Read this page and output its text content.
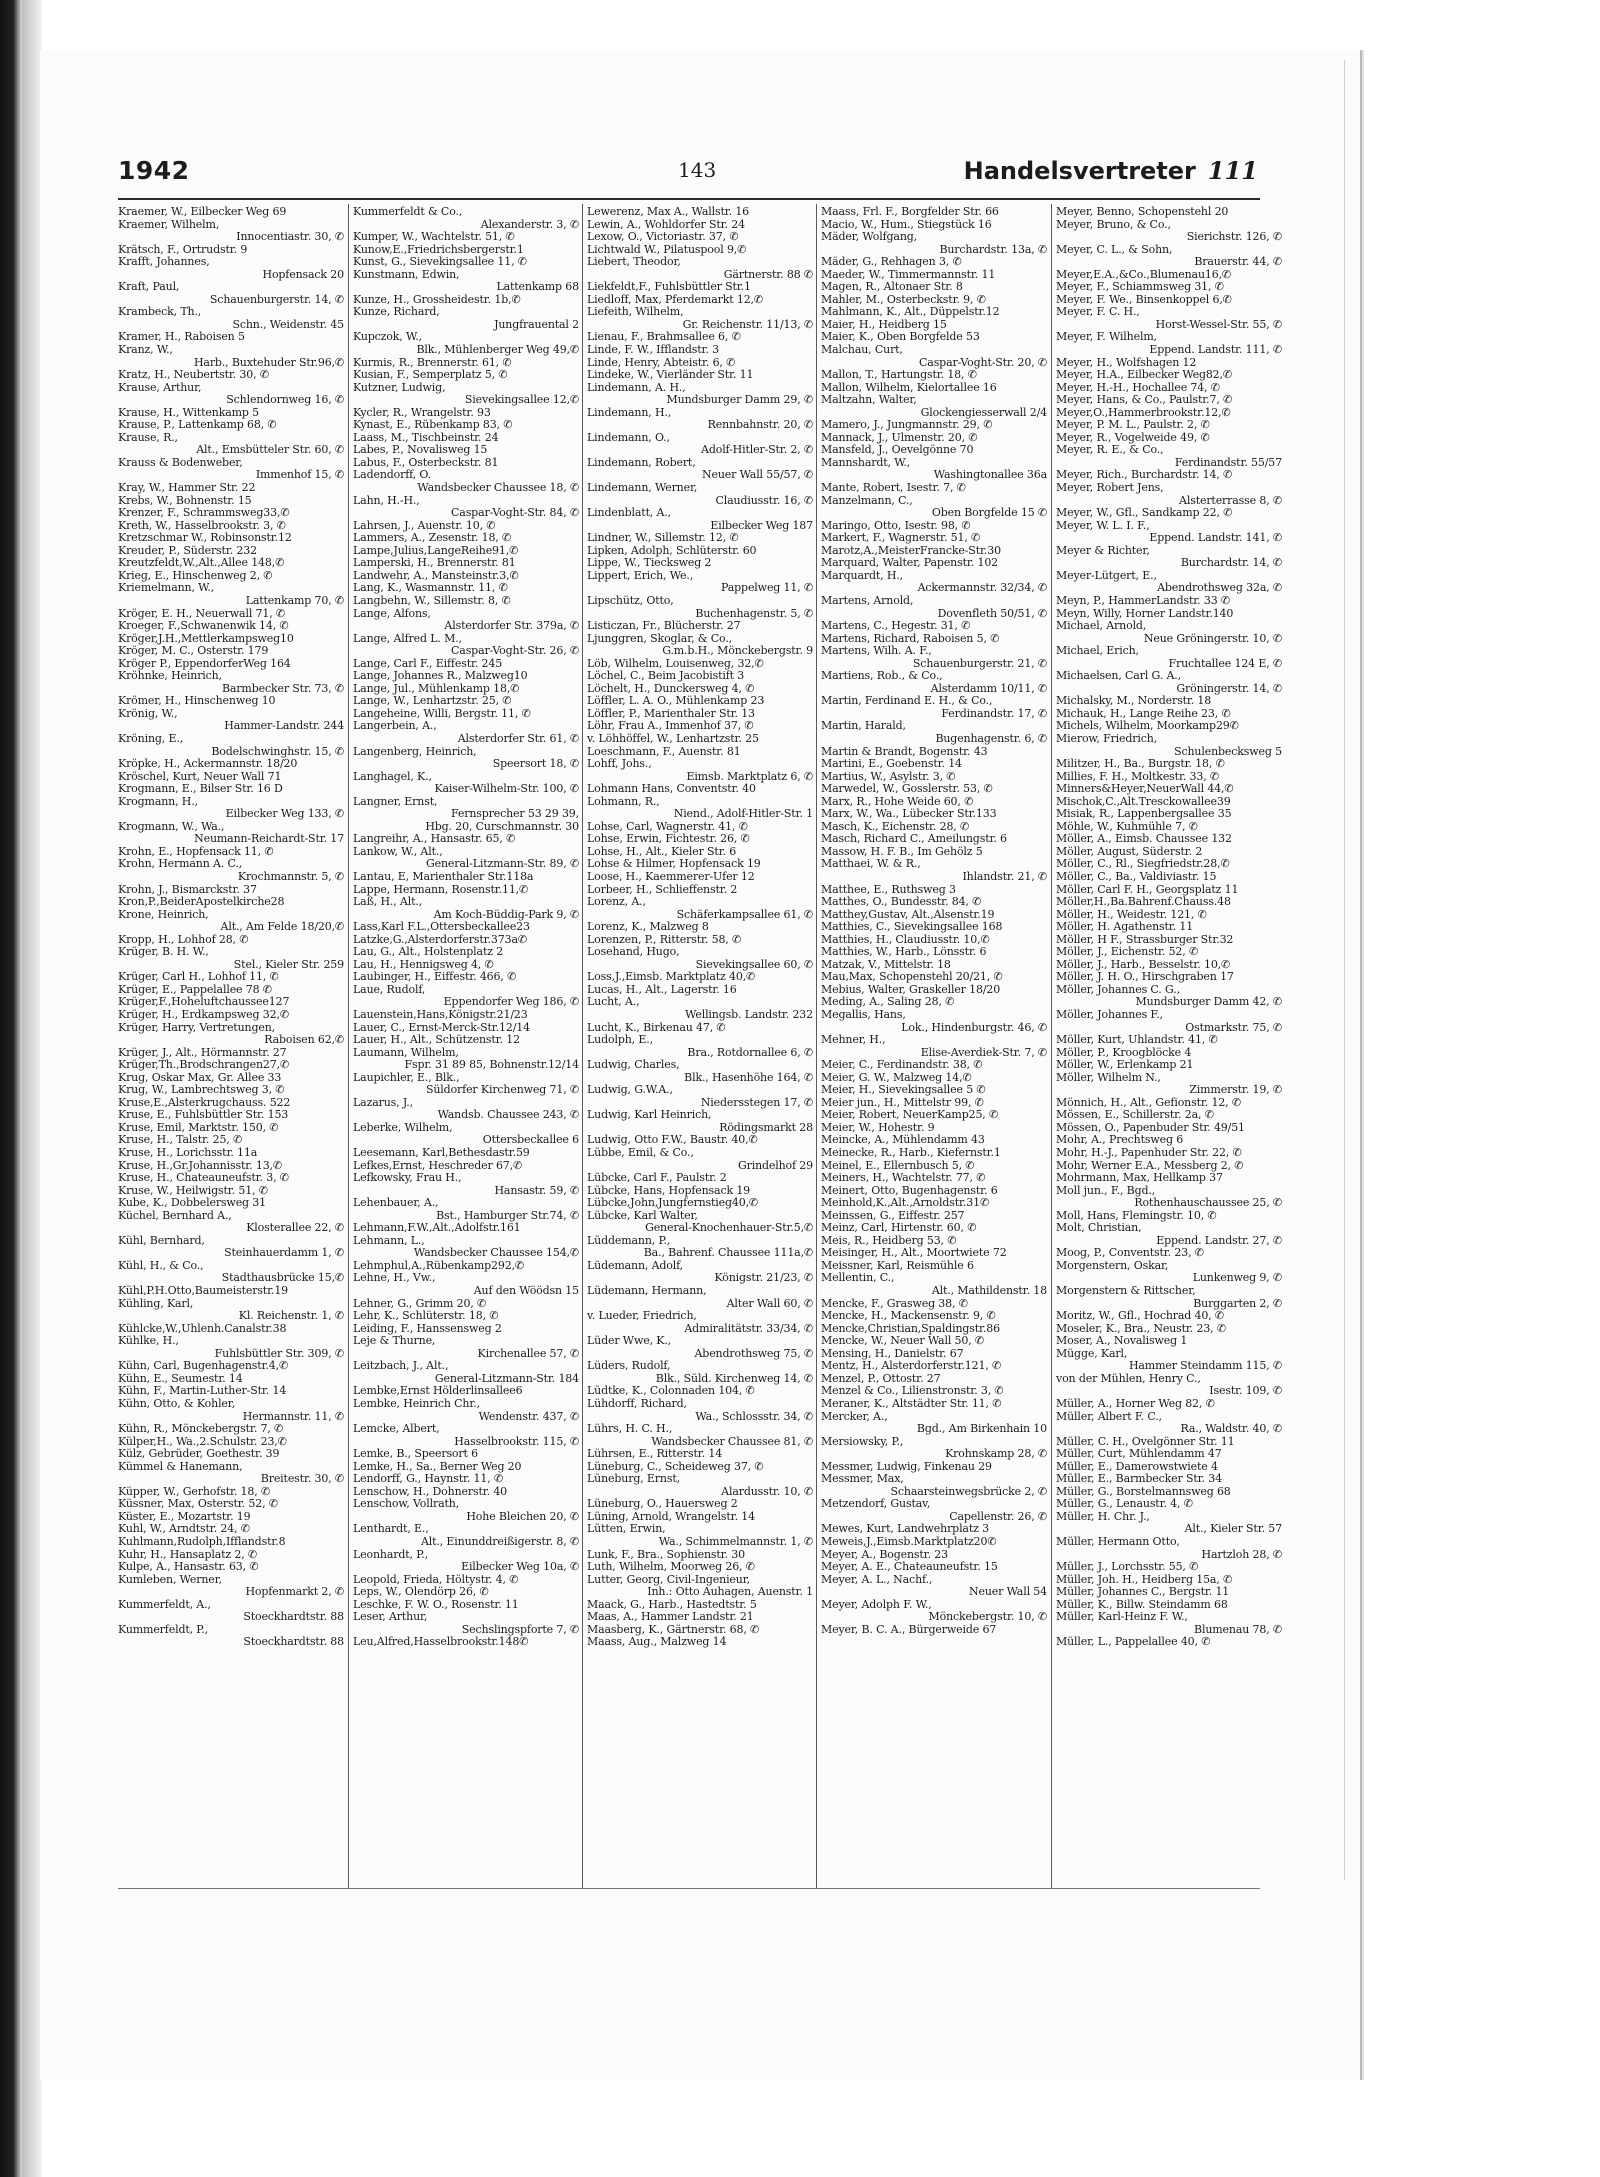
1942	143	Handelsvertreter 111
Kraemer, W., Eilbecker Weg 69
Kraemer, Wilhelm,
Innocentiastr. 30, ✆
Krätsch, F., Ortrudstr. 9
Krafft, Johannes,
Hopfensack 20
Kraft, Paul,
Schauenburgerstr. 14, ✆
Krambeck, Th.,
Schn., Weidenstr. 45
Kramer, H., Raboisen 5
Kranz, W.,
Harb., Buxtehuder Str.96,✆
Kratz, H., Neubertstr. 30, ✆
Krause, Arthur,
Schlendornweg 16, ✆
Krause, H., Wittenkamp 5
Krause, P., Lattenkamp 68, ✆
Krause, R.,
Alt., Emsbütteler Str. 60, ✆
Krauss & Bodenweber,
Immenhof 15, ✆
Kray, W., Hammer Str. 22
Krebs, W., Bohnenstr. 15
Krenzer, F., Schrammsweg33,✆
Kreth, W., Hasselbrookstr. 3, ✆
Kretzschmar W., Robinsonstr.12
Kreuder, P., Süderstr. 232
Kreutzfeldt,W.,Alt.,Allee 148,✆
Krieg, E., Hinschenweg 2, ✆
Kriemelmann, W.,
Lattenkamp 70, ✆
Kröger, E. H., Neuerwall 71, ✆
Kroeger, F.,Schwanenwik 14, ✆
Kröger,J.H.,Mettlerkampsweg10
Kröger, M. C., Osterstr. 179
Kröger P., EppendorferWeg 164
Kröhnke, Heinrich,
Barmbecker Str. 73, ✆
Krömer, H., Hinschenweg 10
Krönig, W.,
Hammer-Landstr. 244
Kröning, E.,
Bodelschwinghstr. 15, ✆
Kröpke, H., Ackermannstr. 18/20
Kröschel, Kurt, Neuer Wall 71
Krogmann, E., Bilser Str. 16 D
Krogmann, H.,
Eilbecker Weg 133, ✆
Krogmann, W., Wa.,
Neumann-Reichardt-Str. 17
Krohn, E., Hopfensack 11, ✆
Krohn, Hermann A. C.,
Krochmannstr. 5, ✆
Krohn, J., Bismarckstr. 37
Kron,P.,BeiderApostelkirche28
Krone, Heinrich,
Alt., Am Felde 18/20,✆
Kropp, H., Lohhof 28, ✆
Krüger, B. H. W.,
Stel., Kieler Str. 259
Krüger, Carl H., Lohhof 11, ✆
Krüger, E., Pappelallee 78 ✆
Krüger,F.,Hoheluftchaussee127
Krüger, H., Erdkampsweg 32,✆
Krüger, Harry, Vertretungen,
Raboisen 62,✆
Krüger, J., Alt., Hörmannstr. 27
Krüger,Th.,Brodschrangen27,✆
Krug, Oskar Max, Gr. Allee 33
Krug, W., Lambrechtsweg 3, ✆
Kruse,E.,Alsterkrugchauss. 522
Kruse, E., Fuhlsbüttler Str. 153
Kruse, Emil, Marktstr. 150, ✆
Kruse, H., Talstr. 25, ✆
Kruse, H., Lorichsstr. 11a
Kruse, H.,Gr.Johannisstr. 13,✆
Kruse, H., Chateauneufstr. 3, ✆
Kruse, W., Heilwigstr. 51, ✆
Kube, K., Dobbelersweg 31
Küchel, Bernhard A.,
Klosterallee 22, ✆
Kühl, Bernhard,
Steinhauerdamm 1, ✆
Kühl, H., & Co.,
Stadthausbrücke 15,✆
Kühl,P.H.Otto,Baumeisterstr.19
Kühling, Karl,
Kl. Reichenstr. 1, ✆
Kühlcke,W.,Uhlenh.Canalstr.38
Kühlke, H.,
Fuhlsbüttler Str. 309, ✆
Kühn, Carl, Bugenhagenstr.4,✆
Kühn, E., Seumestr. 14
Kühn, F., Martin-Luther-Str. 14
Kühn, Otto, & Kohler,
Hermannstr. 11, ✆
Kühn, R., Mönckebergstr. 7, ✆
Külper,H., Wa.,2.Schulstr. 23,✆
Külz, Gebrüder, Goethestr. 39
Kümmel & Hanemann,
Breitestr. 30, ✆
Küpper, W., Gerhofstr. 18, ✆
Küssner, Max, Osterstr. 52, ✆
Küster, E., Mozartstr. 19
Kuhl, W., Arndtstr. 24, ✆
Kuhlmann,Rudolph,Ifflandstr.8
Kuhr, H., Hansaplatz 2, ✆
Kulpe, A., Hansastr. 63, ✆
Kumleben, Werner,
Hopfenmarkt 2, ✆
Kummerfeldt, A.,
Stoeckhardtstr. 88
Kummerfeldt, P.,
Stoeckhardtstr. 88
Kummerfeldt & Co.,
Alexanderstr. 3, ✆
Kumper, W., Wachtelstr. 51, ✆
Kunow,E.,Friedrichsbergerstr.1
Kunst, G., Sievekingsallee 11, ✆
Kunstmann, Edwin,
Lattenkamp 68
Kunze, H., Grossheidestr. 1b,✆
Kunze, Richard,
Jungfrauental 2
Kupczok, W.,
Blk., Mühlenberger Weg 49,✆
Kurmis, R., Brennerstr. 61, ✆
Kusian, F., Semperplatz 5, ✆
Kutzner, Ludwig,
Sievekingsallee 12,✆
Kycler, R., Wrangelstr. 93
Kynast, E., Rübenkamp 83, ✆
Laass, M., Tischbeinstr. 24
Labes, P., Novalisweg 15
Labus, F., Osterbeckstr. 81
Ladendorff, O.
Wandsbecker Chaussee 18, ✆
Lahn, H.-H.,
Caspar-Voght-Str. 84, ✆
Lahrsen, J., Auenstr. 10, ✆
Lammers, A., Zesenstr. 18, ✆
Lampe,Julius,LangeReihe91,✆
Lamperski, H., Brennerstr. 81
Landwehr, A., Mansteinstr.3,✆
Lang, K., Wasmannstr. 11, ✆
Langbehn, W., Sillemstr. 8, ✆
Lange, Alfons,
Alsterdorfer Str. 379a, ✆
Lange, Alfred L. M.,
Caspar-Voght-Str. 26, ✆
Lange, Carl F., Eiffestr. 245
Lange, Johannes R., Malzweg10
Lange, Jul., Mühlenkamp 18,✆
Lange, W., Lenhartzstr. 25, ✆
Langeheine, Willi, Bergstr. 11, ✆
Langerbein, A.,
Alsterdorfer Str. 61, ✆
Langenberg, Heinrich,
Speersort 18, ✆
Langhagel, K.,
Kaiser-Wilhelm-Str. 100, ✆
Langner, Ernst,
Fernsprecher 53 29 39,
Hbg. 20, Curschmannstr. 30
Langreihr, A., Hansastr. 65, ✆
Lankow, W., Alt.,
General-Litzmann-Str. 89, ✆
Lantau, E, Marienthaler Str.118a
Lappe, Hermann, Rosenstr.11,✆
Laß, H., Alt.,
Am Koch-Büddig-Park 9, ✆
Lass,Karl F.L.,Ottersbeckallee23
Latzke,G.,Alsterdorferstr.373a✆
Lau, G., Alt., Holstenplatz 2
Lau, H., Hennigsweg 4, ✆
Laubinger, H., Eiffestr. 466, ✆
Laue, Rudolf,
Eppendorfer Weg 186, ✆
Lauenstein,Hans,Königstr.21/23
Lauer, C., Ernst-Merck-Str.12/14
Lauer, H., Alt., Schützenstr. 12
Laumann, Wilhelm,
Fspr. 31 89 85, Bohnenstr.12/14
Laupichler, E., Blk.,
Süldorfer Kirchenweg 71, ✆
Lazarus, J.,
Wandsb. Chaussee 243, ✆
Leberke, Wilhelm,
Ottersbeckallee 6
Leesemann, Karl,Bethesdastr.59
Lefkes,Ernst, Heschreder 67,✆
Lefkowsky, Frau H.,
Hansastr. 59, ✆
Lehenbauer, A.,
Bst., Hamburger Str.74, ✆
Lehmann,F.W.,Alt.,Adolfstr.161
Lehmann, L.,
Wandsbecker Chaussee 154,✆
Lehmphul,A.,Rübenkamp292,✆
Lehne, H., Vw.,
Auf den Wöödsn 15
Lehner, G., Grimm 20, ✆
Lehr, K., Schlüterstr. 18, ✆
Leiding, F., Hanssensweg 2
Leje & Thurne,
Kirchenallee 57, ✆
Leitzbach, J., Alt.,
General-Litzmann-Str. 184
Lembke,Ernst Hölderlinsallee6
Lembke, Heinrich Chr.,
Wendenstr. 437, ✆
Lemcke, Albert,
Hasselbrookstr. 115, ✆
Lemke, B., Speersort 6
Lemke, H., Sa., Berner Weg 20
Lendorff, G., Haynstr. 11, ✆
Lenschow, H., Dohnerstr. 40
Lenschow, Vollrath,
Hohe Bleichen 20, ✆
Lenthardt, E.,
Alt., Einunddreißigerstr. 8, ✆
Leonhardt, P.,
Eilbecker Weg 10a, ✆
Leopold, Frieda, Höltystr. 4, ✆
Leps, W., Olendörp 26, ✆
Leschke, F. W. O., Rosenstr. 11
Leser, Arthur,
Sechslingspforte 7, ✆
Leu,Alfred,Hasselbrookstr.148✆
Lewerenz, Max A., Wallstr. 16
Lewin, A., Wohldorfer Str. 24
Lexow, O., Victoriastr. 37, ✆
Lichtwald W., Pilatuspool 9,✆
Liebert, Theodor,
Gärtnerstr. 88 ✆
Liekfeldt,F., Fuhlsbüttler Str.1
Liedloff, Max, Pferdemarkt 12,✆
Liefeith, Wilhelm,
Gr. Reichenstr. 11/13, ✆
Lienau, F., Brahmsallee 6, ✆
Linde, F. W., Ifflandstr. 3
Linde, Henry, Abteistr. 6, ✆
Lindeke, W., Vierländer Str. 11
Lindemann, A. H.,
Mundsburger Damm 29, ✆
Lindemann, H.,
Rennbahnstr. 20, ✆
Lindemann, O.,
Adolf-Hitler-Str. 2, ✆
Lindemann, Robert,
Neuer Wall 55/57, ✆
Lindemann, Werner,
Claudiusstr. 16, ✆
Lindenblatt, A.,
Eilbecker Weg 187
Lindner, W., Sillemstr. 12, ✆
Lipken, Adolph, Schlüterstr. 60
Lippe, W., Tiecksweg 2
Lippert, Erich, We.,
Pappelweg 11, ✆
Lipschütz, Otto,
Buchenhagenstr. 5, ✆
Listiczan, Fr., Blücherstr. 27
Ljunggren, Skoglar, & Co.,
G.m.b.H., Mönckebergstr. 9
Löb, Wilhelm, Louisenweg, 32,✆
Löchel, C., Beim Jacobistift 3
Löchelt, H., Dunckersweg 4, ✆
Löffler, L. A. O., Mühlenkamp 23
Löffler, P., Marienthaler Str. 13
Löhr, Frau A., Immenhof 37, ✆
v. Löhhöffel, W., Lenhartzstr. 25
Loeschmann, F., Auenstr. 81
Lohff, Johs.,
Eimsb. Marktplatz 6, ✆
Lohmann Hans, Conventstr. 40
Lohmann, R.,
Niend., Adolf-Hitler-Str. 1
Lohse, Carl, Wagnerstr. 41, ✆
Lohse, Erwin, Fichtestr. 26, ✆
Lohse, H., Alt., Kieler Str. 6
Lohse & Hilmer, Hopfensack 19
Loose, H., Kaemmerer-Ufer 12
Lorbeer, H., Schlieffenstr. 2
Lorenz, A.,
Schäferkampsallee 61, ✆
Lorenz, K., Malzweg 8
Lorenzen, P., Ritterstr. 58, ✆
Losehand, Hugo,
Sievekingsallee 60, ✆
Loss,J.,Eimsb. Marktplatz 40,✆
Lucas, H., Alt., Lagerstr. 16
Lucht, A.,
Wellingsb. Landstr. 232
Lucht, K., Birkenau 47, ✆
Ludolph, E.,
Bra., Rotdornallee 6, ✆
Ludwig, Charles,
Blk., Hasenhöhe 164, ✆
Ludwig, G.W.A.,
Niedersstegen 17, ✆
Ludwig, Karl Heinrich,
Rödingsmarkt 28
Ludwig, Otto F.W., Baustr. 40,✆
Lübbe, Emil, & Co.,
Grindelhof 29
Lübcke, Carl F., Paulstr. 2
Lübcke, Hans, Hopfensack 19
Lübcke,John,Jungfernstieg40,✆
Lübcke, Karl Walter,
General-Knochenhauer-Str.5,✆
Lüddemann, P.,
Ba., Bahrenf. Chaussee 111a,✆
Lüdemann, Adolf,
Königstr. 21/23, ✆
Lüdemann, Hermann,
Alter Wall 60, ✆
v. Lueder, Friedrich,
Admiralitätstr. 33/34, ✆
Lüder Wwe, K.,
Abendrothsweg 75, ✆
Lüders, Rudolf,
Blk., Süld. Kirchenweg 14, ✆
Lüdtke, K., Colonnaden 104, ✆
Lühdorff, Richard,
Wa., Schlossstr. 34, ✆
Lührs, H. C. H.,
Wandsbecker Chaussee 81, ✆
Lührsen, E., Ritterstr. 14
Lüneburg, C., Scheideweg 37, ✆
Lüneburg, Ernst,
Alardusstr. 10, ✆
Lüneburg, O., Hauersweg 2
Lüning, Arnold, Wrangelstr. 14
Lütten, Erwin,
Wa., Schimmelmannstr. 1, ✆
Lunk, F., Bra., Sophienstr. 30
Luth, Wilhelm, Moorweg 26, ✆
Lutter, Georg, Civil-Ingenieur,
Inh.: Otto Auhagen, Auenstr. 1
Maack, G., Harb., Hastedtstr. 5
Maas, A., Hammer Landstr. 21
Maasberg, K., Gärtnerstr. 68, ✆
Maass, Aug., Malzweg 14
Maass, Frl. F., Borgfelder Str. 66
Macio, W., Hum., Stiegstück 16
Mäder, Wolfgang,
Burchardstr. 13a, ✆
Mäder, G., Rehhagen 3, ✆
Maeder, W., Timmermannstr. 11
Magen, R., Altonaer Str. 8
Mahler, M., Osterbeckstr. 9, ✆
Mahlmann, K., Alt., Düppelstr.12
Maier, H., Heidberg 15
Maier, K., Oben Borgfelde 53
Malchau, Curt,
Caspar-Voght-Str. 20, ✆
Mallon, T., Hartungstr. 18, ✆
Mallon, Wilhelm, Kielortallee 16
Maltzahn, Walter,
Glockengiesserwall 2/4
Mamero, J., Jungmannstr. 29, ✆
Mannack, J., Ulmenstr. 20, ✆
Mansfeld, J., Oevelgönne 70
Mannshardt, W.,
Washingtonallee 36a
Mante, Robert, Isestr. 7, ✆
Manzelmann, C.,
Oben Borgfelde 15 ✆
Maringo, Otto, Isestr. 98, ✆
Markert, F., Wagnerstr. 51, ✆
Marotz,A.,MeisterFrancke-Str.30
Marquard, Walter, Papenstr. 102
Marquardt, H.,
Ackermannstr. 32/34, ✆
Martens, Arnold,
Dovenfleth 50/51, ✆
Martens, C., Hegestr. 31, ✆
Martens, Richard, Raboisen 5, ✆
Martens, Wilh. A. F.,
Schauenburgerstr. 21, ✆
Martiens, Rob., & Co.,
Alsterdamm 10/11, ✆
Martin, Ferdinand E. H., & Co.,
Ferdinandstr. 17, ✆
Martin, Harald,
Bugenhagenstr. 6, ✆
Martin & Brandt, Bogenstr. 43
Martini, E., Goebenstr. 14
Martius, W., Asylstr. 3, ✆
Marwedel, W., Gosslerstr. 53, ✆
Marx, R., Hohe Weide 60, ✆
Marx, W., Wa., Lübecker Str.133
Masch, K., Eichenstr. 28, ✆
Masch, Richard C., Ameilungstr. 6
Massow, H. F. B., Im Gehölz 5
Matthaei, W. & R.,
Ihlandstr. 21, ✆
Matthee, E., Ruthsweg 3
Matthes, O., Bundesstr. 84, ✆
Matthey,Gustav, Alt.,Alsenstr.19
Matthies, C., Sievekingsallee 168
Matthies, H., Claudiusstr. 10,✆
Matthies, W., Harb., Lönsstr. 6
Matzak, V., Mittelstr. 18
Mau,Max, Schopenstehl 20/21, ✆
Mebius, Walter, Graskeller 18/20
Meding, A., Saling 28, ✆
Megallis, Hans,
Lok., Hindenburgstr. 46, ✆
Mehner, H.,
Elise-Averdiek-Str. 7, ✆
Meier, C., Ferdinandstr. 38, ✆
Meier, G. W., Malzweg 14,✆
Meier, H., Sievekingsallee 5 ✆
Meier jun., H., Mittelstr 99, ✆
Meier, Robert, NeuerKamp25, ✆
Meier, W., Hohestr. 9
Meincke, A., Mühlendamm 43
Meinecke, R., Harb., Kiefernstr.1
Meinel, E., Ellernbusch 5, ✆
Meiners, H., Wachtelstr. 77, ✆
Meinert, Otto, Bugenhagenstr. 6
Meinhold,K.,Alt.,Arnoldstr.31✆
Meinssen, G., Eiffestr. 257
Meinz, Carl, Hirtenstr. 60, ✆
Meis, R., Heidberg 53, ✆
Meisinger, H., Alt., Moortwiete 72
Meissner, Karl, Reismühle 6
Mellentin, C.,
Alt., Mathildenstr. 18
Mencke, F., Grasweg 38, ✆
Mencke, H., Mackensenstr. 9, ✆
Mencke,Christian,Spaldingstr.86
Mencke, W., Neuer Wall 50, ✆
Mensing, H., Danielstr. 67
Mentz, H., Alsterdorferstr.121, ✆
Menzel, P., Ottostr. 27
Menzel & Co., Lilienstronstr. 3, ✆
Meraner, K., Altstädter Str. 11, ✆
Mercker, A.,
Bgd., Am Birkenhain 10
Mersiowsky, P.,
Krohnskamp 28, ✆
Messmer, Ludwig, Finkenau 29
Messmer, Max,
Schaarsteinwegsbrücke 2, ✆
Metzendorf, Gustav,
Capellenstr. 26, ✆
Mewes, Kurt, Landwehrplatz 3
Meweis,J.,Eimsb.Marktplatz20✆
Meyer, A., Bogenstr. 23
Meyer, A. E., Chateauneufstr. 15
Meyer, A. L., Nachf.,
Neuer Wall 54
Meyer, Adolph F. W.,
Mönckebergstr. 10, ✆
Meyer, B. C. A., Bürgerweide 67
Meyer, Benno, Schopenstehl 20
Meyer, Bruno, & Co.,
Sierichstr. 126, ✆
Meyer, C. L., & Sohn,
Brauerstr. 44, ✆
Meyer,E.A.,&Co.,Blumenau16,✆
Meyer, F., Schiammsweg 31, ✆
Meyer, F. We., Binsenkoppel 6,✆
Meyer, F. C. H.,
Horst-Wessel-Str. 55, ✆
Meyer, F. Wilhelm,
Eppend. Landstr. 111, ✆
Meyer, H., Wolfshagen 12
Meyer, H.A., Eilbecker Weg82,✆
Meyer, H.-H., Hochallee 74, ✆
Meyer, Hans, & Co., Paulstr.7, ✆
Meyer,O.,Hammerbrookstr.12,✆
Meyer, P. M. L., Paulstr. 2, ✆
Meyer, R., Vogelweide 49, ✆
Meyer, R. E., & Co.,
Ferdinandstr. 55/57
Meyer, Rich., Burchardstr. 14, ✆
Meyer, Robert Jens,
Alsterterrasse 8, ✆
Meyer, W., Gfl., Sandkamp 22, ✆
Meyer, W. L. I. F.,
Eppend. Landstr. 141, ✆
Meyer & Richter,
Burchardstr. 14, ✆
Meyer-Lütgert, E.,
Abendrothsweg 32a, ✆
Meyn, P., HammerLandstr. 33 ✆
Meyn, Willy, Horner Landstr.140
Michael, Arnold,
Neue Gröningerstr. 10, ✆
Michael, Erich,
Fruchtallee 124 E, ✆
Michaelsen, Carl G. A.,
Gröningerstr. 14, ✆
Michalsky, M., Norderstr. 18
Michauk, H., Lange Reihe 23, ✆
Michels, Wilhelm, Moorkamp29✆
Mierow, Friedrich,
Schulenbecksweg 5
Militzer, H., Ba., Burgstr. 18, ✆
Millies, F. H., Moltkestr. 33, ✆
Minners&Heyer,NeuerWall 44,✆
Mischok,C.,Alt.Tresckowallee39
Misiak, R., Lappenbergsallee 35
Möhle, W., Kuhmühle 7, ✆
Möller, A., Eimsb. Chaussee 132
Möller, August, Süderstr. 2
Möller, C., Rl., Siegfriedstr.28,✆
Möller, C., Ba., Valdiviastr. 15
Möller, Carl F. H., Georgsplatz 11
Möller,H.,Ba.Bahrenf.Chauss.48
Möller, H., Weidestr. 121, ✆
Möller, H. Agathenstr. 11
Möller, H F., Strassburger Str.32
Möller, J., Eichenstr. 52, ✆
Möller, J., Harb., Besselstr. 10,✆
Möller, J. H. O., Hirschgraben 17
Möller, Johannes C. G.,
Mundsburger Damm 42, ✆
Möller, Johannes F.,
Ostmarkstr. 75, ✆
Möller, Kurt, Uhlandstr. 41, ✆
Möller, P., Kroogblöcke 4
Möller, W., Erlenkamp 21
Möller, Wilhelm N.,
Zimmerstr. 19, ✆
Mönnich, H., Alt., Gefionstr. 12, ✆
Mössen, E., Schillerstr. 2a, ✆
Mössen, O., Papenbuder Str. 49/51
Mohr, A., Prechtsweg 6
Mohr, H.-J., Papenhuder Str. 22, ✆
Mohr, Werner E.A., Messberg 2, ✆
Mohrmann, Max, Hellkamp 37
Moll jun., F., Bgd.,
Rothenhauschaussee 25, ✆
Moll, Hans, Flemingstr. 10, ✆
Molt, Christian,
Eppend. Landstr. 27, ✆
Moog, P., Conventstr. 23, ✆
Morgenstern, Oskar,
Lunkenweg 9, ✆
Morgenstern & Rittscher,
Burggarten 2, ✆
Moritz, W., Gfl., Hochrad 40, ✆
Moseler, K., Bra., Neustr. 23, ✆
Moser, A., Novalisweg 1
Mügge, Karl,
Hammer Steindamm 115, ✆
von der Mühlen, Henry C.,
Isestr. 109, ✆
Müller, A., Horner Weg 82, ✆
Müller, Albert F. C.,
Ra., Waldstr. 40, ✆
Müller, C. H., Ovelgönner Str. 11
Müller, Curt, Mühlendamm 47
Müller, E., Damerowstwiete 4
Müller, E., Barmbecker Str. 34
Müller, G., Borstelmannsweg 68
Müller, G., Lenaustr. 4, ✆
Müller, H. Chr. J.,
Alt., Kieler Str. 57
Müller, Hermann Otto,
Hartzloh 28, ✆
Müller, J., Lorchsstr. 55, ✆
Müller, Joh. H., Heidberg 15a, ✆
Müller, Johannes C., Bergstr. 11
Müller, K., Billw. Steindamm 68
Müller, Karl-Heinz F. W.,
Blumenau 78, ✆
Müller, L., Pappelallee 40, ✆
